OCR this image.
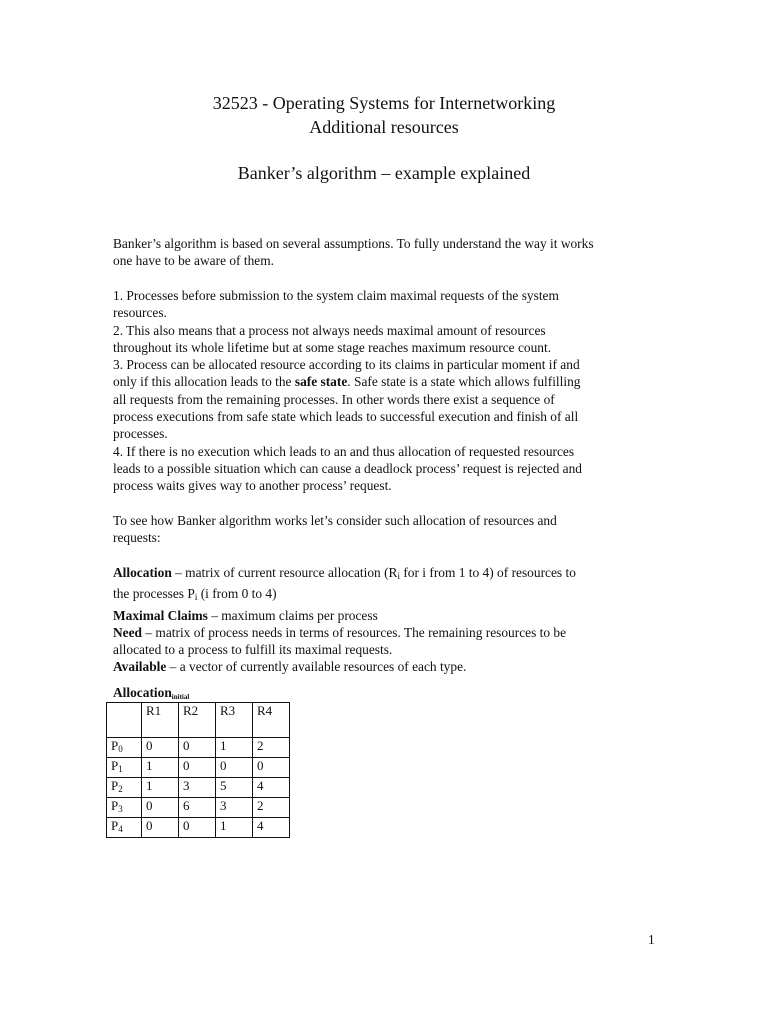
32523 - Operating Systems for Internetworking
Additional resources
Banker’s algorithm – example explained
Banker’s algorithm is based on several assumptions. To fully understand the way it works
one have to be aware of them.
1. Processes before submission to the system claim maximal requests of the system
resources.
2. This also means that a process not always needs maximal amount of resources
throughout its whole lifetime but at some stage reaches maximum resource count.
3. Process can be allocated resource according to its claims in particular moment if and
only if this allocation leads to the safe state. Safe state is a state which allows fulfilling
all requests from the remaining processes. In other words there exist a sequence of
process executions from safe state which leads to successful execution and finish of all
processes.
4. If there is no execution which leads to an and thus allocation of requested resources
leads to a possible situation which can cause a deadlock process’ request is rejected and
process waits gives way to another process’ request.
To see how Banker algorithm works let’s consider such allocation of resources and
requests:
Allocation – matrix of current resource allocation ($R_i$ for i from 1 to 4) of resources to
the processes $P_i$ (i from 0 to 4)
Maximal Claims – maximum claims per process
Need – matrix of process needs in terms of resources. The remaining resources to be
allocated to a process to fulfill its maximal requests.
Available – a vector of currently available resources of each type.
Allocation$_{initial}$
	R1	R2	R3	R4
$P_0$	0	0	1	2
$P_1$	1	0	0	0
$P_2$	1	3	5	4
$P_3$	0	6	3	2
$P_4$	0	0	1	4
1
